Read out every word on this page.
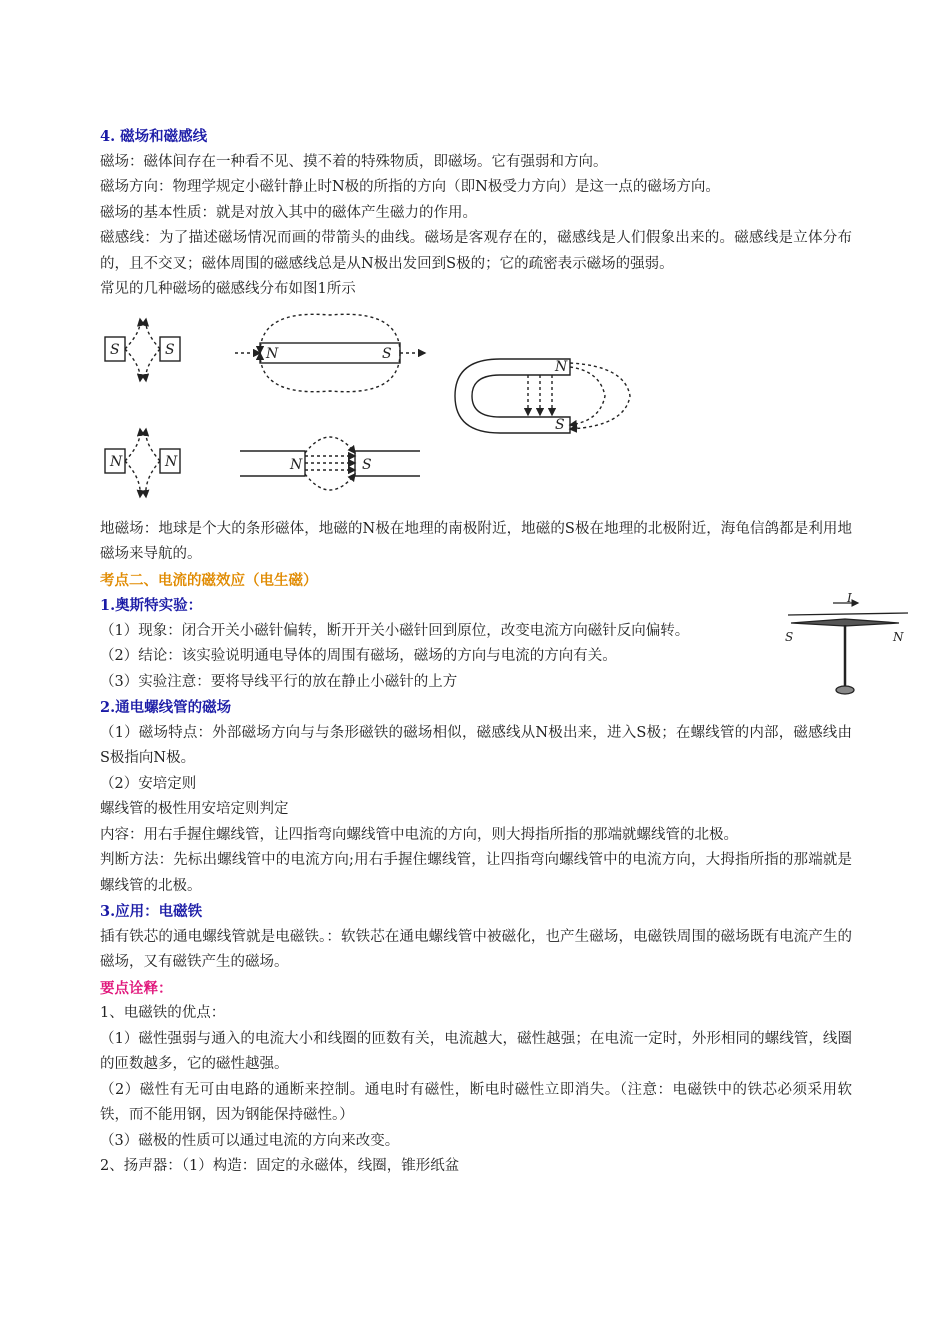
4. 磁场和磁感线
磁场：磁体间存在一种看不见、摸不着的特殊物质，即磁场。它有强弱和方向。
磁场方向：物理学规定小磁针静止时N极的所指的方向（即N极受力方向）是这一点的磁场方向。
磁场的基本性质：就是对放入其中的磁体产生磁力的作用。
磁感线：为了描述磁场情况而画的带箭头的曲线。磁场是客观存在的，磁感线是人们假象出来的。磁感线是立体分布的，且不交叉；磁体周围的磁感线总是从N极出发回到S极的；它的疏密表示磁场的强弱。
常见的几种磁场的磁感线分布如图1所示
S	S	N	S
N
S
N	N	N	S
地磁场：地球是个大的条形磁体，地磁的N极在地理的南极附近，地磁的S极在地理的北极附近，海龟信鸽都是利用地磁场来导航的。
考点二、电流的磁效应（电生磁）
1.奥斯特实验：
（1）现象：闭合开关小磁针偏转，断开开关小磁针回到原位，改变电流方向磁针反向偏转。
（2）结论：该实验说明通电导体的周围有磁场，磁场的方向与电流的方向有关。
（3）实验注意：要将导线平行的放在静止小磁针的上方
I
S	N
2.通电螺线管的磁场
（1）磁场特点：外部磁场方向与与条形磁铁的磁场相似，磁感线从N极出来，进入S极；在螺线管的内部，磁感线由S极指向N极。
（2）安培定则
螺线管的极性用安培定则判定
内容：用右手握住螺线管，让四指弯向螺线管中电流的方向，则大拇指所指的那端就螺线管的北极。
判断方法：先标出螺线管中的电流方向;用右手握住螺线管，让四指弯向螺线管中的电流方向，大拇指所指的那端就是螺线管的北极。
3.应用：电磁铁
插有铁芯的通电螺线管就是电磁铁。：软铁芯在通电螺线管中被磁化，也产生磁场，电磁铁周围的磁场既有电流产生的磁场，又有磁铁产生的磁场。
要点诠释：
1、电磁铁的优点：
（1）磁性强弱与通入的电流大小和线圈的匝数有关，电流越大，磁性越强；在电流一定时，外形相同的螺线管，线圈的匝数越多，它的磁性越强。
（2）磁性有无可由电路的通断来控制。通电时有磁性，断电时磁性立即消失。（注意：电磁铁中的铁芯必须采用软铁，而不能用钢，因为钢能保持磁性。）
（3）磁极的性质可以通过电流的方向来改变。
2、扬声器：（1）构造：固定的永磁体，线圈，锥形纸盆
